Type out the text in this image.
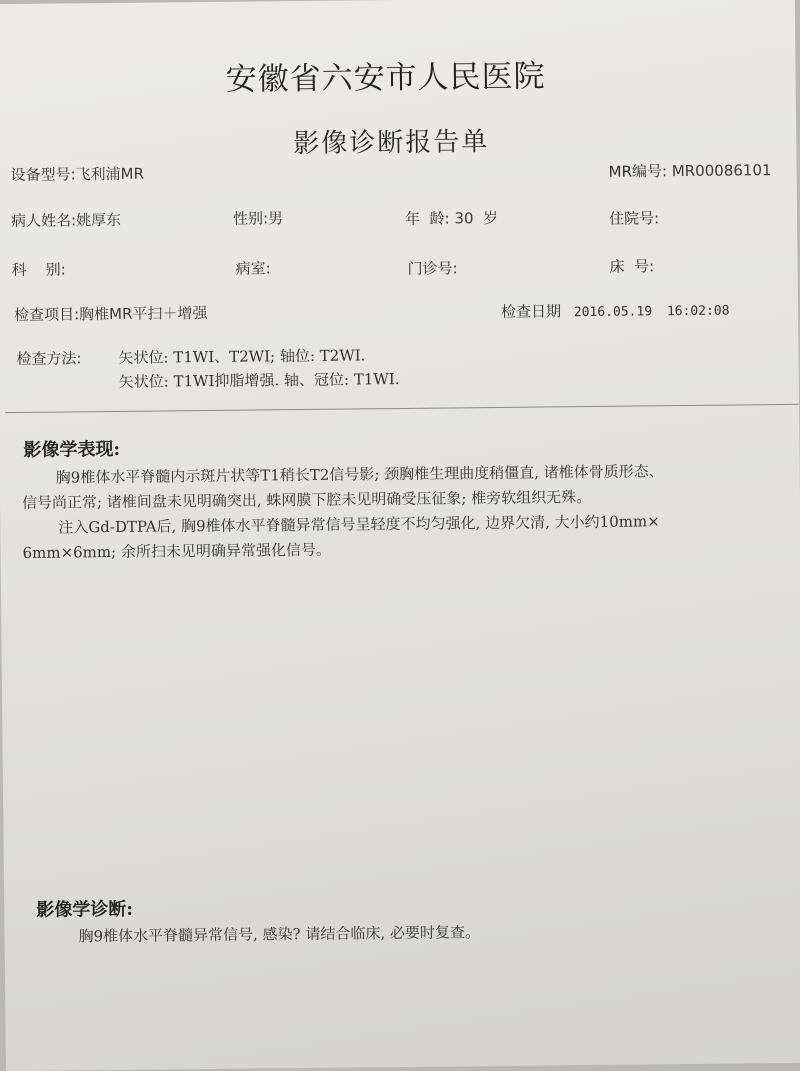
安徽省六安市人民医院
影像诊断报告单
设备型号:飞利浦MR	MR编号: MR00086101
病人姓名:姚厚东	性别:男	年  龄: 30 岁	住院号:
科    别:	病室:	门诊号:	床  号:
检查项目:胸椎MR平扫＋增强	检查日期 2016.05.19 16:02:08
检查方法: 矢状位: T1WI、T2WI; 轴位: T2WI.
矢状位: T1WI抑脂增强. 轴、冠位: T1WI.
影像学表现:
胸9椎体水平脊髓内示斑片状等T1稍长T2信号影; 颈胸椎生理曲度稍僵直, 诸椎体骨质形态、
信号尚正常; 诸椎间盘未见明确突出, 蛛网膜下腔未见明确受压征象; 椎旁软组织无殊。
注入Gd-DTPA后, 胸9椎体水平脊髓异常信号呈轻度不均匀强化, 边界欠清, 大小约10mm×
6mm×6mm; 余所扫未见明确异常强化信号。
影像学诊断:
胸9椎体水平脊髓异常信号, 感染? 请结合临床, 必要时复查。
